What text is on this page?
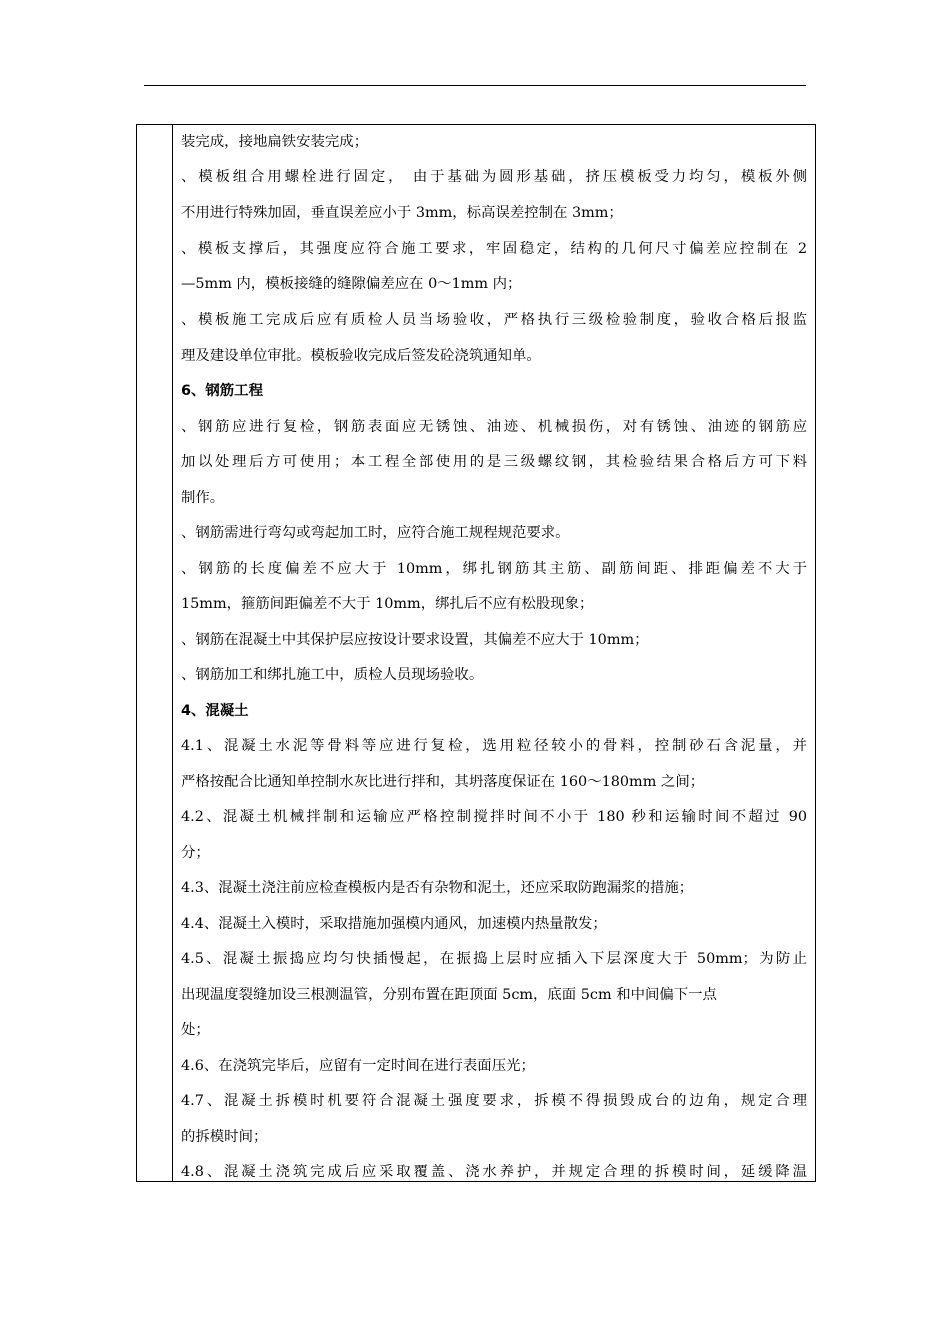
装完成，接地扁铁安装完成；
、模板组合用螺栓进行固定， 由于基础为圆形基础，挤压模板受力均匀，模板外侧
不用进行特殊加固，垂直误差应小于 3mm，标高误差控制在 3mm；
、模板支撑后，其强度应符合施工要求，牢固稳定，结构的几何尺寸偏差应控制在 2
—5mm 内，模板接缝的缝隙偏差应在 0～1mm 内；
、模板施工完成后应有质检人员当场验收，严格执行三级检验制度，验收合格后报监
理及建设单位审批。模板验收完成后签发砼浇筑通知单。
6、钢筋工程
、钢筋应进行复检，钢筋表面应无锈蚀、油迹、机械损伤，对有锈蚀、油迹的钢筋应
加以处理后方可使用；本工程全部使用的是三级螺纹钢，其检验结果合格后方可下料
制作。
、钢筋需进行弯勾或弯起加工时，应符合施工规程规范要求。
、钢筋的长度偏差不应大于 10mm，绑扎钢筋其主筋、副筋间距、排距偏差不大于
15mm，箍筋间距偏差不大于 10mm，绑扎后不应有松股现象；
、钢筋在混凝土中其保护层应按设计要求设置，其偏差不应大于 10mm；
、钢筋加工和绑扎施工中，质检人员现场验收。
4、混凝土
4.1、混凝土水泥等骨料等应进行复检，选用粒径较小的骨料，控制砂石含泥量，并
严格按配合比通知单控制水灰比进行拌和，其坍落度保证在 160～180mm 之间；
4.2、混凝土机械拌制和运输应严格控制搅拌时间不小于 180 秒和运输时间不超过 90
分；
4.3、混凝土浇注前应检查模板内是否有杂物和泥土，还应采取防跑漏浆的措施；
4.4、混凝土入模时，采取措施加强模内通风，加速模内热量散发；
4.5、混凝土振捣应均匀快插慢起，在振捣上层时应插入下层深度大于 50mm；为防止
出现温度裂缝加设三根测温管，分别布置在距顶面 5cm，底面 5cm 和中间偏下一点
处；
4.6、在浇筑完毕后，应留有一定时间在进行表面压光；
4.7、混凝土拆模时机要符合混凝土强度要求，拆模不得损毁成台的边角，规定合理
的拆模时间；
4.8、混凝土浇筑完成后应采取覆盖、浇水养护，并规定合理的拆模时间，延缓降温
